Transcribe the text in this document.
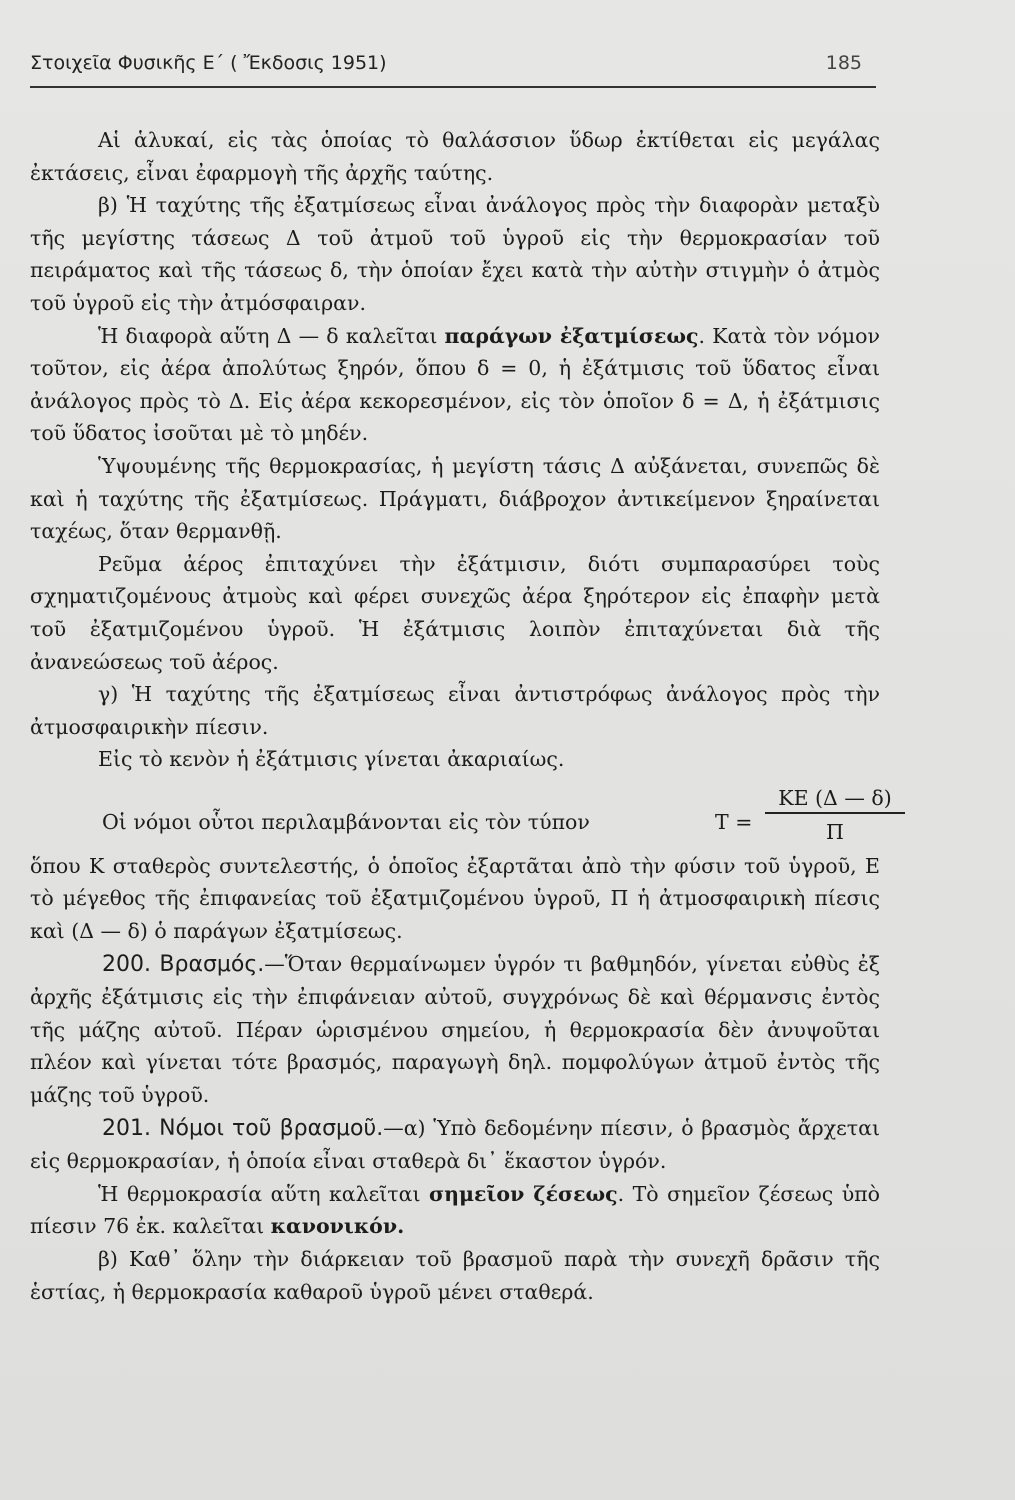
Στοιχεῖα Φυσικῆς Ε΄ ( Ἔκδοσις 1951)	185

Αἱ ἁλυκαί, εἰς τὰς ὁποίας τὸ θαλάσσιον ὕδωρ ἐκτίθεται εἰς μεγάλας ἐκτάσεις, εἶναι ἐφαρμογὴ τῆς ἀρχῆς ταύτης.

β) Ἡ ταχύτης τῆς ἐξατμίσεως εἶναι ἀνάλογος πρὸς τὴν διαφορὰν μεταξὺ τῆς μεγίστης τάσεως Δ τοῦ ἀτμοῦ τοῦ ὑγροῦ εἰς τὴν θερμοκρασίαν τοῦ πειράματος καὶ τῆς τάσεως δ, τὴν ὁποίαν ἔχει κατὰ τὴν αὐτὴν στιγμὴν ὁ ἀτμὸς τοῦ ὑγροῦ εἰς τὴν ἀτμόσφαιραν.

Ἡ διαφορὰ αὕτη Δ — δ καλεῖται παράγων ἐξατμίσεως. Κατὰ τὸν νόμον τοῦτον, εἰς ἀέρα ἀπολύτως ξηρόν, ὅπου δ = 0, ἡ ἐξάτμισις τοῦ ὕδατος εἶναι ἀνάλογος πρὸς τὸ Δ. Εἰς ἀέρα κεκορεσμένον, εἰς τὸν ὁποῖον δ = Δ, ἡ ἐξάτμισις τοῦ ὕδατος ἰσοῦται μὲ τὸ μηδέν.

Ὑψουμένης τῆς θερμοκρασίας, ἡ μεγίστη τάσις Δ αὐξάνεται, συνεπῶς δὲ καὶ ἡ ταχύτης τῆς ἐξατμίσεως. Πράγματι, διάβροχον ἀντικείμενον ξηραίνεται ταχέως, ὅταν θερμανθῇ.

Ρεῦμα ἀέρος ἐπιταχύνει τὴν ἐξάτμισιν, διότι συμπαρασύρει τοὺς σχηματιζομένους ἀτμοὺς καὶ φέρει συνεχῶς ἀέρα ξηρότερον εἰς ἐπαφὴν μετὰ τοῦ ἐξατμιζομένου ὑγροῦ. Ἡ ἐξάτμισις λοιπὸν ἐπιταχύνεται διὰ τῆς ἀνανεώσεως τοῦ ἀέρος.

γ) Ἡ ταχύτης τῆς ἐξατμίσεως εἶναι ἀντιστρόφως ἀνάλογος πρὸς τὴν ἀτμοσφαιρικὴν πίεσιν.

Εἰς τὸ κενὸν ἡ ἐξάτμισις γίνεται ἀκαριαίως.

Οἱ νόμοι οὗτοι περιλαμβάνονται εἰς τὸν τύπον	Τ =
ΚΕ (Δ — δ)
Π

ὅπου Κ σταθερὸς συντελεστής, ὁ ὁποῖος ἐξαρτᾶται ἀπὸ τὴν φύσιν τοῦ ὑγροῦ, Ε τὸ μέγεθος τῆς ἐπιφανείας τοῦ ἐξατμιζομένου ὑγροῦ, Π ἡ ἀτμοσφαιρικὴ πίεσις καὶ (Δ — δ) ὁ παράγων ἐξατμίσεως.

200. Βρασμός.—Ὅταν θερμαίνωμεν ὑγρόν τι βαθμηδόν, γίνεται εὐθὺς ἐξ ἀρχῆς ἐξάτμισις εἰς τὴν ἐπιφάνειαν αὐτοῦ, συγχρόνως δὲ καὶ θέρμανσις ἐντὸς τῆς μάζης αὐτοῦ. Πέραν ὡρισμένου σημείου, ἡ θερμοκρασία δὲν ἀνυψοῦται πλέον καὶ γίνεται τότε βρασμός, παραγωγὴ δηλ. πομφολύγων ἀτμοῦ ἐντὸς τῆς μάζης τοῦ ὑγροῦ.

201. Νόμοι τοῦ βρασμοῦ.—α) Ὑπὸ δεδομένην πίεσιν, ὁ βρασμὸς ἄρχεται εἰς θερμοκρασίαν, ἡ ὁποία εἶναι σταθερὰ δι᾿ ἕκαστον ὑγρόν.

Ἡ θερμοκρασία αὕτη καλεῖται σημεῖον ζέσεως. Τὸ σημεῖον ζέσεως ὑπὸ πίεσιν 76 ἐκ. καλεῖται κανονικόν.

β) Καθ᾿ ὅλην τὴν διάρκειαν τοῦ βρασμοῦ παρὰ τὴν συνεχῆ δρᾶσιν τῆς ἑστίας, ἡ θερμοκρασία καθαροῦ ὑγροῦ μένει σταθερά.
